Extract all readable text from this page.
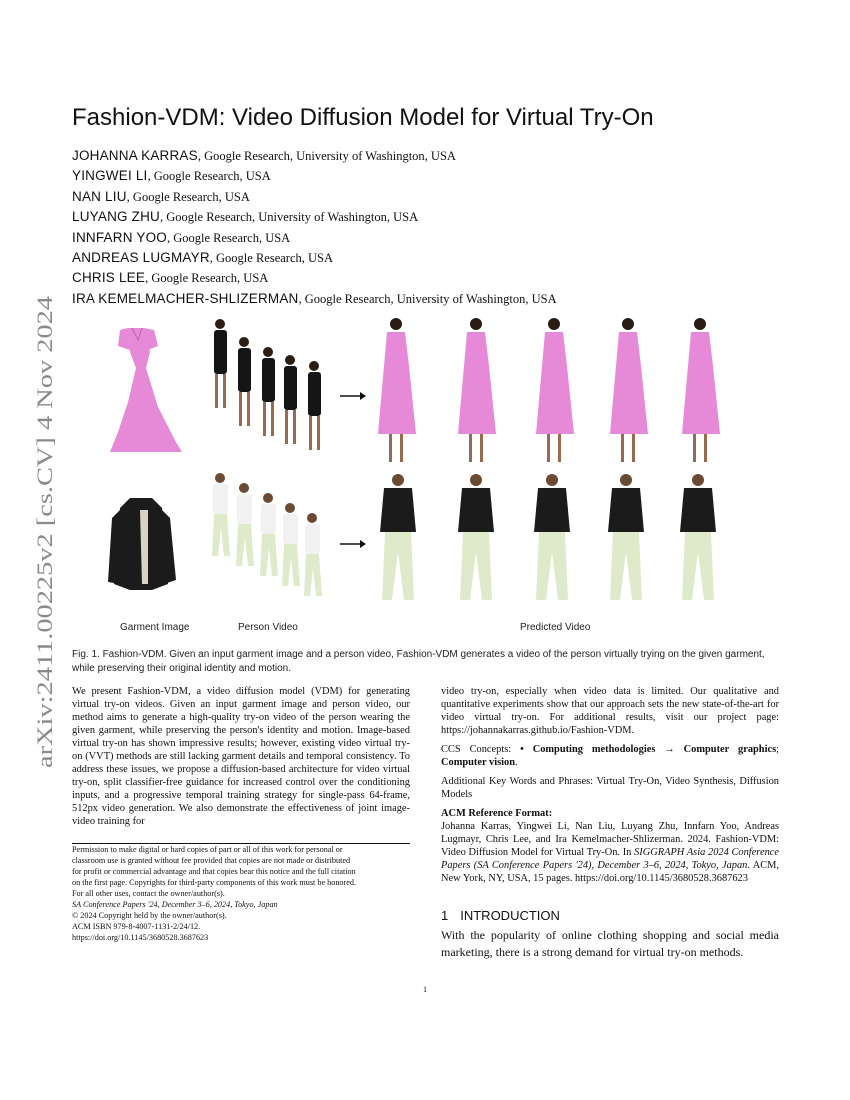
arXiv:2411.00225v2 [cs.CV] 4 Nov 2024
Fashion-VDM: Video Diffusion Model for Virtual Try-On
JOHANNA KARRAS, Google Research, University of Washington, USA
YINGWEI LI, Google Research, USA
NAN LIU, Google Research, USA
LUYANG ZHU, Google Research, University of Washington, USA
INNFARN YOO, Google Research, USA
ANDREAS LUGMAYR, Google Research, USA
CHRIS LEE, Google Research, USA
IRA KEMELMACHER-SHLIZERMAN, Google Research, University of Washington, USA
Garment Image	Person Video	Predicted Video
Fig. 1. Fashion-VDM. Given an input garment image and a person video, Fashion-VDM generates a video of the person virtually trying on the given garment, while preserving their original identity and motion.

We present Fashion-VDM, a video diffusion model (VDM) for generating virtual try-on videos. Given an input garment image and person video, our method aims to generate a high-quality try-on video of the person wearing the given garment, while preserving the person's identity and motion. Image-based virtual try-on has shown impressive results; however, existing video virtual try-on (VVT) methods are still lacking garment details and temporal consistency. To address these issues, we propose a diffusion-based architecture for video virtual try-on, split classifier-free guidance for increased control over the conditioning inputs, and a progressive temporal training strategy for single-pass 64-frame, 512px video generation. We also demonstrate the effectiveness of joint image-video training for

Permission to make digital or hard copies of part or all of this work for personal or
classroom use is granted without fee provided that copies are not made or distributed
for profit or commercial advantage and that copies bear this notice and the full citation
on the first page. Copyrights for third-party components of this work must be honored.
For all other uses, contact the owner/author(s).
SA Conference Papers '24, December 3–6, 2024, Tokyo, Japan
© 2024 Copyright held by the owner/author(s).
ACM ISBN 979-8-4007-1131-2/24/12.
https://doi.org/10.1145/3680528.3687623

video try-on, especially when video data is limited. Our qualitative and quantitative experiments show that our approach sets the new state-of-the-art for video virtual try-on. For additional results, visit our project page: https://johannakarras.github.io/Fashion-VDM.

CCS Concepts: • Computing methodologies → Computer graphics; Computer vision.

Additional Key Words and Phrases: Virtual Try-On, Video Synthesis, Diffusion Models

ACM Reference Format:
Johanna Karras, Yingwei Li, Nan Liu, Luyang Zhu, Innfarn Yoo, Andreas Lugmayr, Chris Lee, and Ira Kemelmacher-Shlizerman. 2024. Fashion-VDM: Video Diffusion Model for Virtual Try-On. In SIGGRAPH Asia 2024 Conference Papers (SA Conference Papers '24), December 3–6, 2024, Tokyo, Japan. ACM, New York, NY, USA, 15 pages. https://doi.org/10.1145/3680528.3687623

1 INTRODUCTION
With the popularity of online clothing shopping and social media marketing, there is a strong demand for virtual try-on methods.
1
